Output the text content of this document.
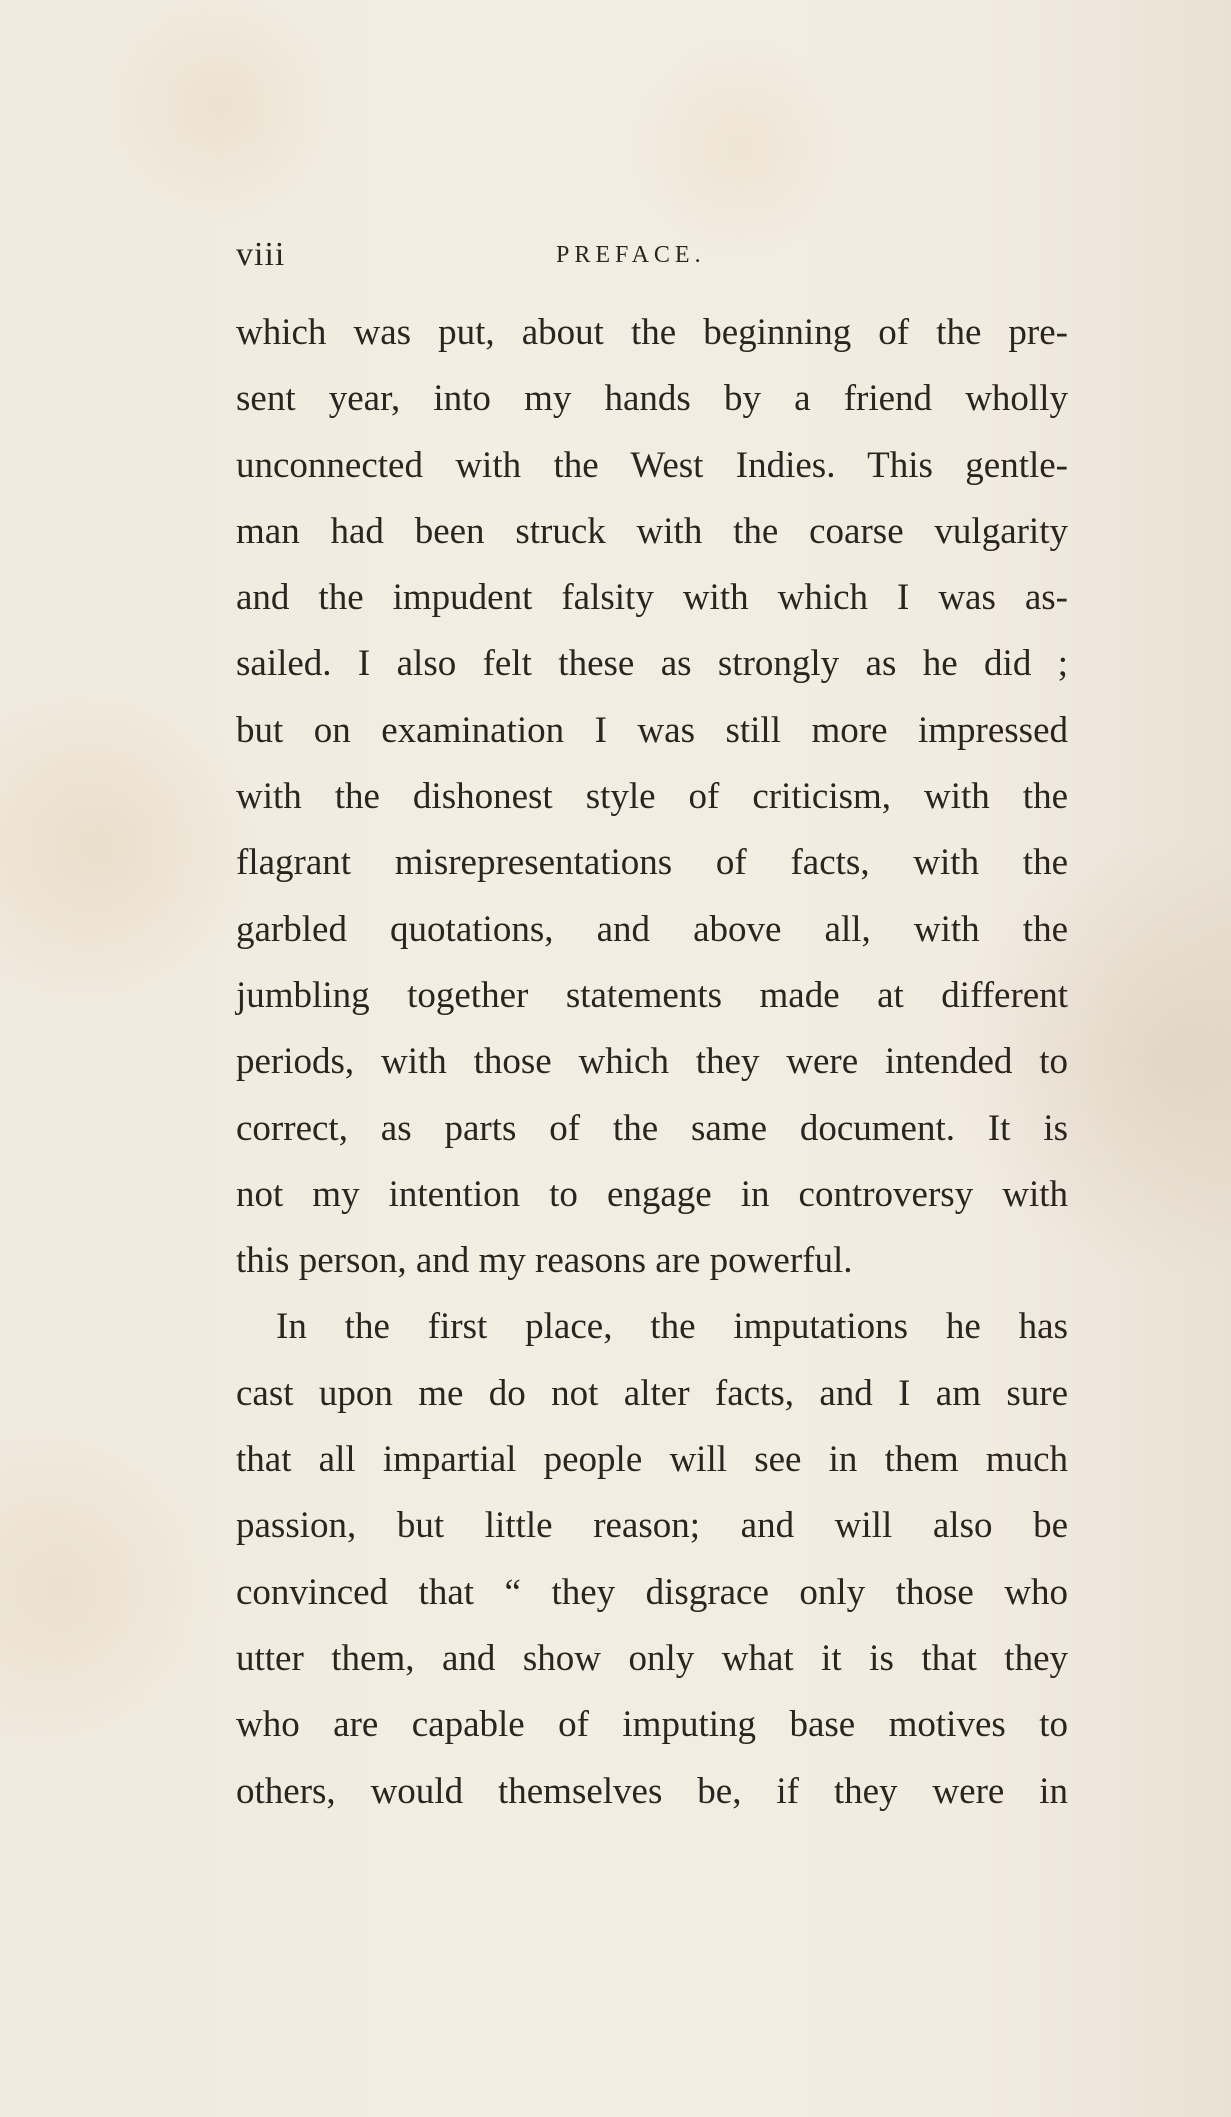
viii	PREFACE.
which was put, about the beginning of the pre-
sent year, into my hands by a friend wholly
unconnected with the West Indies. This gentle-
man had been struck with the coarse vulgarity
and the impudent falsity with which I was as-
sailed. I also felt these as strongly as he did ;
but on examination I was still more impressed
with the dishonest style of criticism, with the
flagrant misrepresentations of facts, with the
garbled quotations, and above all, with the
jumbling together statements made at different
periods, with those which they were intended to
correct, as parts of the same document. It is
not my intention to engage in controversy with
this person, and my reasons are powerful.
In the first place, the imputations he has
cast upon me do not alter facts, and I am sure
that all impartial people will see in them much
passion, but little reason; and will also be
convinced that “ they disgrace only those who
utter them, and show only what it is that they
who are capable of imputing base motives to
others, would themselves be, if they were in
